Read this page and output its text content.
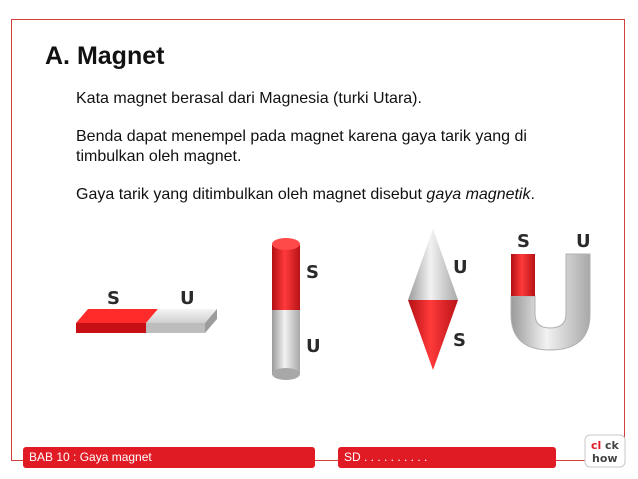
A. Magnet
Kata magnet berasal dari Magnesia (turki Utara).
Benda dapat menempel pada magnet karena gaya tarik yang di timbulkan oleh magnet.
Gaya tarik yang ditimbulkan oleh magnet disebut gaya magnetik.
S	U
S
U
U
S
S	U
BAB 10 : Gaya magnet	SD . . . . . . . . . .
cl ck
how
